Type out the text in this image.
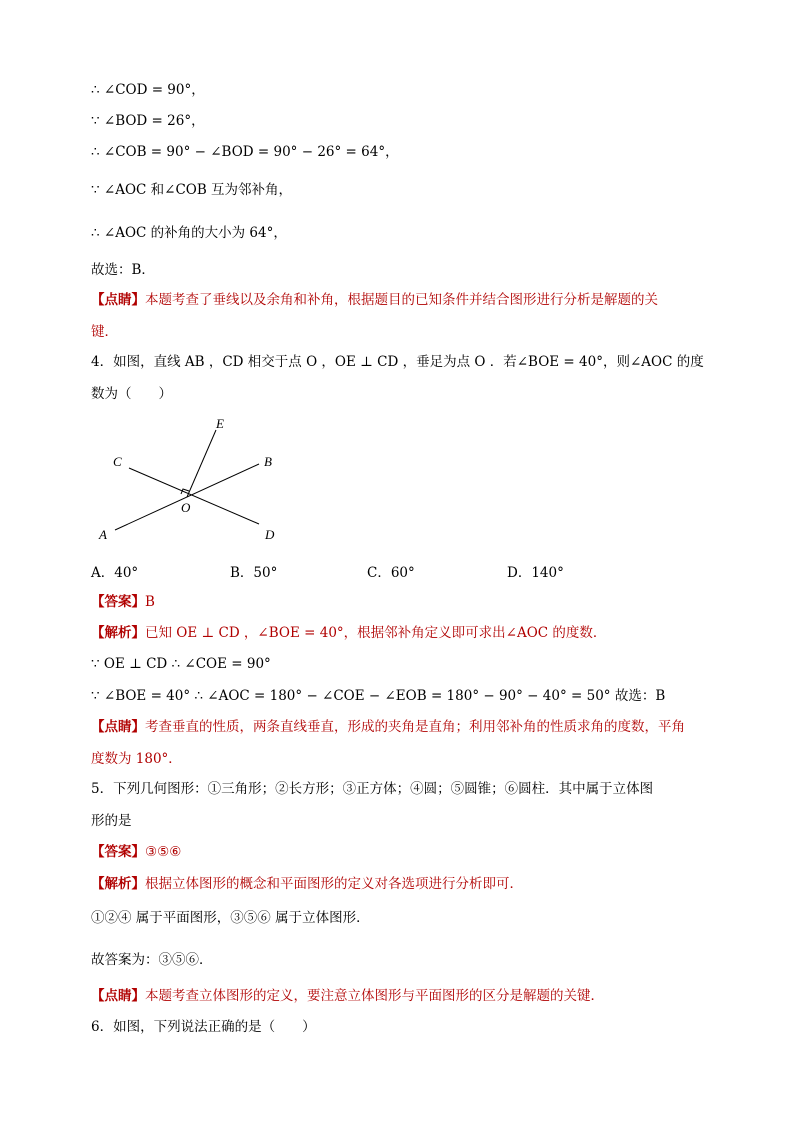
∴ ∠COD = 90°，
∵ ∠BOD = 26°，
∴ ∠COB = 90° − ∠BOD = 90° − 26° = 64°，
∵ ∠AOC 和∠COB 互为邻补角，
∴ ∠AOC 的补角的大小为 64°，
故选：B．
【点睛】本题考查了垂线以及余角和补角，根据题目的已知条件并结合图形进行分析是解题的关
键．
4．如图，直线 AB ，CD 相交于点 O ，OE ⊥ CD ，垂足为点 O ．若∠BOE = 40°，则∠AOC 的度
数为（　　）
E
C	B
O
A	D
A．40°	B．50°	C．60°	D．140°
【答案】B
【解析】已知 OE ⊥ CD ，∠BOE = 40°，根据邻补角定义即可求出∠AOC 的度数．
∵ OE ⊥ CD ∴ ∠COE = 90°
∵ ∠BOE = 40° ∴ ∠AOC = 180° − ∠COE − ∠EOB = 180° − 90° − 40° = 50° 故选：B
【点睛】考查垂直的性质，两条直线垂直，形成的夹角是直角；利用邻补角的性质求角的度数，平角
度数为 180°．
5．下列几何图形：①三角形；②长方形；③正方体；④圆；⑤圆锥；⑥圆柱．其中属于立体图
形的是
【答案】③⑤⑥
【解析】根据立体图形的概念和平面图形的定义对各选项进行分析即可．
①②④ 属于平面图形，③⑤⑥ 属于立体图形．
故答案为：③⑤⑥．
【点睛】本题考查立体图形的定义，要注意立体图形与平面图形的区分是解题的关键．
6．如图，下列说法正确的是（　　）
